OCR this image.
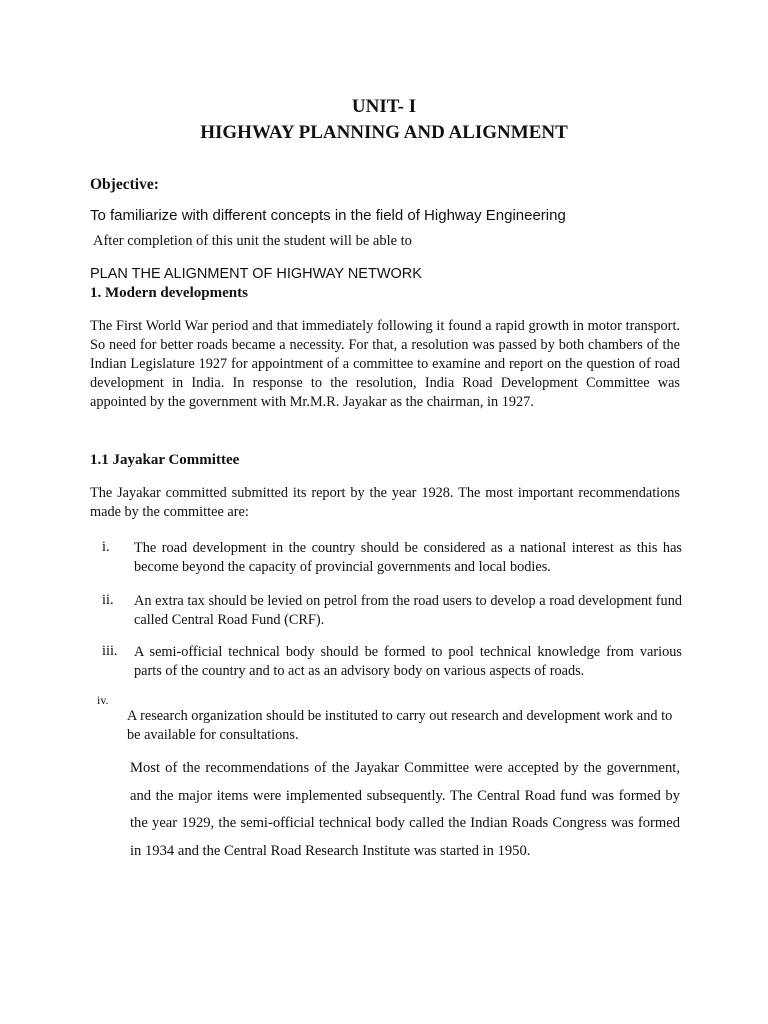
UNIT- I
HIGHWAY PLANNING AND ALIGNMENT
Objective:
To familiarize with different concepts in the field of Highway Engineering
After completion of this unit the student will be able to
PLAN THE ALIGNMENT OF HIGHWAY NETWORK
1. Modern developments

The First World War period and that immediately following it found a rapid growth in motor transport. So need for better roads became a necessity. For that, a resolution was passed by both chambers of the Indian Legislature 1927 for appointment of a committee to examine and report on the question of road development in India. In response to the resolution, India Road Development Committee was appointed by the government with Mr.M.R. Jayakar as the chairman, in 1927.

1.1 Jayakar Committee

The Jayakar committed submitted its report by the year 1928. The most important recommendations made by the committee are:

i. The road development in the country should be considered as a national interest as this has become beyond the capacity of provincial governments and local bodies.

ii. An extra tax should be levied on petrol from the road users to develop a road development fund called Central Road Fund (CRF).

iii. A semi-official technical body should be formed to pool technical knowledge from various parts of the country and to act as an advisory body on various aspects of roads.

iv.

A research organization should be instituted to carry out research and development work and to be available for consultations.

Most of the recommendations of the Jayakar Committee were accepted by the government, and the major items were implemented subsequently. The Central Road fund was formed by the year 1929, the semi-official technical body called the Indian Roads Congress was formed in 1934 and the Central Road Research Institute was started in 1950.
